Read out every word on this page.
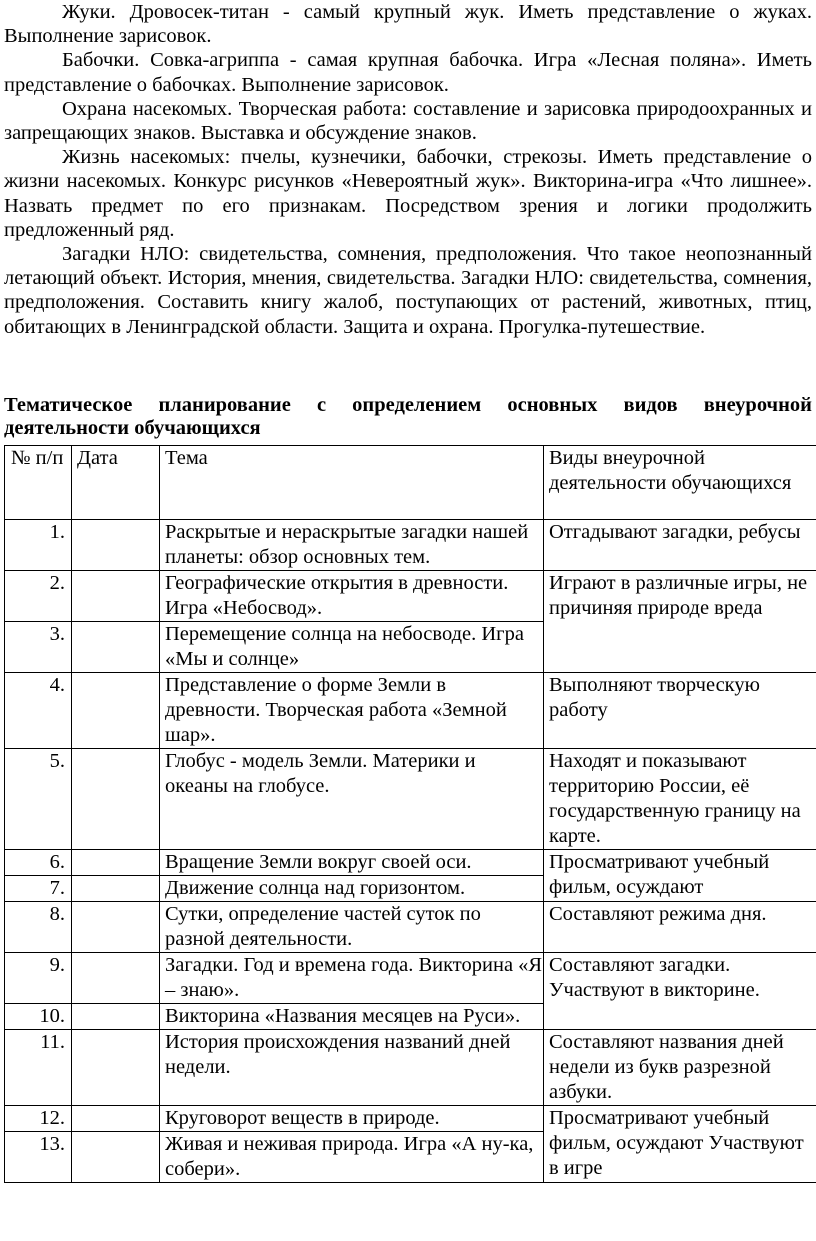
Жуки. Дровосек-титан - самый крупный жук. Иметь представление о жуках. Выполнение зарисовок.

Бабочки. Совка-агриппа - самая крупная бабочка. Игра «Лесная поляна». Иметь представление о бабочках. Выполнение зарисовок.

Охрана насекомых. Творческая работа: составление и зарисовка природоохранных и запрещающих знаков. Выставка и обсуждение знаков.

Жизнь насекомых: пчелы, кузнечики, бабочки, стрекозы. Иметь представление о жизни насекомых. Конкурс рисунков «Невероятный жук». Викторина-игра «Что лишнее». Назвать предмет по его признакам. Посредством зрения и логики продолжить предложенный ряд.

Загадки НЛО: свидетельства, сомнения, предположения. Что такое неопознанный летающий объект. История, мнения, свидетельства. Загадки НЛО: свидетельства, сомнения, предположения. Составить книгу жалоб, поступающих от растений, животных, птиц, обитающих в Ленинградской области. Защита и охрана. Прогулка-путешествие.

Тематическое планирование с определением основных видов внеурочной деятельности обучающихся
№ п/п	Дата	Тема	Виды внеурочной деятельности обучающихся
1.		Раскрытые и нераскрытые загадки нашей планеты: обзор основных тем.	Отгадывают загадки, ребусы
2.		Географические открытия в древности. Игра «Небосвод».	Играют в различные игры, не причиняя природе вреда
3.		Перемещение солнца на небосводе. Игра «Мы и солнце»	
4.		Представление о форме Земли в древности. Творческая работа «Земной шар».	Выполняют творческую работу
5.		Глобус - модель Земли. Материки и океаны на глобусе.	Находят и показывают территорию России, её государственную границу на карте.
6.		Вращение Земли вокруг своей оси.	Просматривают учебный фильм, осуждают
7.		Движение солнца над горизонтом.	
8.		Сутки, определение частей суток по разной деятельности.	Составляют режима дня.
9.		Загадки. Год и времена года. Викторина «Я – знаю».	Составляют загадки. Участвуют в викторине.
10.		Викторина «Названия месяцев на Руси».	
11.		История происхождения названий дней недели.	Составляют названия дней недели из букв разрезной азбуки.
12.		Круговорот веществ в природе.	Просматривают учебный фильм, осуждают Участвуют в игре
13.		Живая и неживая природа. Игра «А ну-ка, собери».	
